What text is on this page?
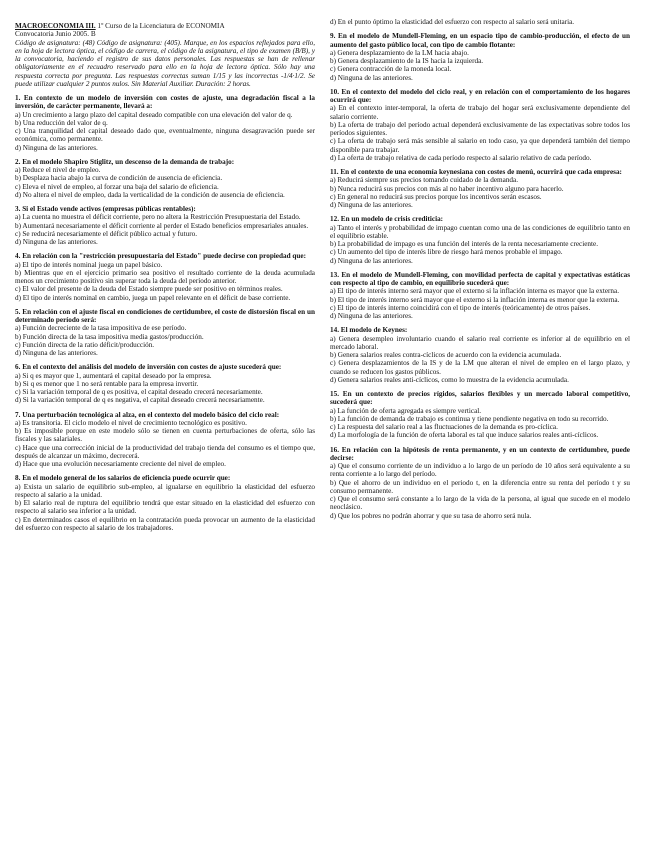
MACROECONOMIA III. 1º Curso de la Licenciatura de ECONOMIA
Convocatoria Junio 2005. B
Código de asignatura: (48) Código de asignatura: (405). Marque, en los espacios reflejados para ello, en la hoja de lectora óptica, el código de carrera, el código de la asignatura, el tipo de examen (B/B), y la convocatoria, haciendo el registro de sus datos personales. Las respuestas se han de rellenar obligatoriamente en el recuadro reservado para ello en la hoja de lectora óptica. Sólo hay una respuesta correcta por pregunta. Las respuestas correctas suman 1/15 y las incorrectas -1/4·1/2. Se puede utilizar cualquier 2 puntos nulos. Sin Material Auxiliar. Duración: 2 horas.
1. En contexto de un modelo de inversión con costes de ajuste, una degradación fiscal a la inversión, de carácter permanente, llevará a:
a) Un crecimiento a largo plazo del capital deseado compatible con una elevación del valor de q.
b) Una reducción del valor de q.
c) Una tranquilidad del capital deseado dado que, eventualmente, ninguna desagravación puede ser económica, como permanente.
d) Ninguna de las anteriores.
2. En el modelo Shapiro Stiglitz, un descenso de la demanda de trabajo:
a) Reduce el nivel de empleo.
b) Desplaza hacia abajo la curva de condición de ausencia de eficiencia.
c) Eleva el nivel de empleo, al forzar una baja del salario de eficiencia.
d) No altera el nivel de empleo, dada la verticalidad de la condición de ausencia de eficiencia.
3. Si el Estado vende activos (empresas públicas rentables):
a) La cuenta no muestra el déficit corriente, pero no altera la Restricción Presupuestaria del Estado.
b) Aumentará necesariamente el déficit corriente al perder el Estado beneficios empresariales anuales.
c) Se reducirá necesariamente el déficit público actual y futuro.
d) Ninguna de las anteriores.
4. En relación con la "restricción presupuestaria del Estado" puede decirse con propiedad que:
a) El tipo de interés nominal juega un papel básico.
b) Mientras que en el ejercicio primario sea positivo el resultado corriente de la deuda acumulada menos un crecimiento positivo sin superar toda la deuda del período anterior.
c) El valor del presente de la deuda del Estado siempre puede ser positivo en términos reales.
d) El tipo de interés nominal en cambio, juega un papel relevante en el déficit de base corriente.
5. En relación con el ajuste fiscal en condiciones de certidumbre, el coste de distorsión fiscal en un determinado período será:
a) Función decreciente de la tasa impositiva de ese período.
b) Función directa de la tasa impositiva media gastos/producción.
c) Función directa de la ratio déficit/producción.
d) Ninguna de las anteriores.
6. En el contexto del análisis del modelo de inversión con costes de ajuste sucederá que:
a) Si q es mayor que 1, aumentará el capital deseado por la empresa.
b) Si q es menor que 1 no será rentable para la empresa invertir.
c) Si la variación temporal de q es positiva, el capital deseado crecerá necesariamente.
d) Si la variación temporal de q es negativa, el capital deseado crecerá necesariamente.
7. Una perturbación tecnológica al alza, en el contexto del modelo básico del ciclo real:
a) Es transitoria. El ciclo modelo el nivel de crecimiento tecnológico es positivo.
b) Es imposible porque en este modelo sólo se tienen en cuenta perturbaciones de oferta, sólo las fiscales y las salariales.
c) Hace que una corrección inicial de la productividad del trabajo tienda del consumo es el tiempo que, después de alcanzar un máximo, decrecerá.
d) Hace que una evolución necesariamente creciente del nivel de empleo.
8. En el modelo general de los salarios de eficiencia puede ocurrir que:
a) Exista un salario de equilibrio sub-empleo, al igualarse en equilibrio la elasticidad del esfuerzo respecto al salario a la unidad.
b) El salario real de ruptura del equilibrio tendrá que estar situado en la elasticidad del esfuerzo con respecto al salario sea inferior a la unidad.
c) En determinados casos el equilibrio en la contratación pueda provocar un aumento de la elasticidad del esfuerzo con respecto al salario de los trabajadores.
d) En el punto óptimo la elasticidad del esfuerzo con respecto al salario será unitaria.
9. En el modelo de Mundell-Fleming, en un espacio tipo de cambio-producción, el efecto de un aumento del gasto público local, con tipo de cambio flotante:
a) Genera desplazamiento de la LM hacia abajo.
b) Genera desplazamiento de la IS hacia la izquierda.
c) Genera contracción de la moneda local.
d) Ninguna de las anteriores.
10. En el contexto del modelo del ciclo real, y en relación con el comportamiento de los hogares ocurrirá que:
a) En el contexto inter-temporal, la oferta de trabajo del hogar será exclusivamente dependiente del salario corriente.
b) La oferta de trabajo del período actual dependerá exclusivamente de las expectativas sobre todos los períodos siguientes.
c) La oferta de trabajo será más sensible al salario en todo caso, ya que dependerá también del tiempo disponible para trabajar.
d) La oferta de trabajo relativa de cada período respecto al salario relativo de cada período.
11. En el contexto de una economía keynesiana con costes de menú, ocurrirá que cada empresa:
a) Reducirá siempre sus precios tomando cuidado de la demanda.
b) Nunca reducirá sus precios con más al no haber incentivo alguno para hacerlo.
c) En general no reducirá sus precios porque los incentivos serán escasos.
d) Ninguna de las anteriores.
12. En un modelo de crisis crediticia:
a) Tanto el interés y probabilidad de impago cuentan como una de las condiciones de equilibrio tanto en el equilibrio estable.
b) La probabilidad de impago es una función del interés de la renta necesariamente creciente.
c) Un aumento del tipo de interés libre de riesgo hará menos probable el impago.
d) Ninguna de las anteriores.
13. En el modelo de Mundell-Fleming, con movilidad perfecta de capital y expectativas estáticas con respecto al tipo de cambio, en equilibrio sucederá que:
a) El tipo de interés interno será mayor que el externo si la inflación interna es mayor que la externa.
b) El tipo de interés interno será mayor que el externo si la inflación interna es menor que la externa.
c) El tipo de interés interno coincidirá con el tipo de interés (teóricamente) de otros países.
d) Ninguna de las anteriores.
14. El modelo de Keynes:
a) Genera desempleo involuntario cuando el salario real corriente es inferior al de equilibrio en el mercado laboral.
b) Genera salarios reales contra-cíclicos de acuerdo con la evidencia acumulada.
c) Genera desplazamientos de la IS y de la LM que alteran el nivel de empleo en el largo plazo, y cuando se reducen los gastos públicos.
d) Genera salarios reales anti-cíclicos, como lo muestra de la evidencia acumulada.
15. En un contexto de precios rígidos, salarios flexibles y un mercado laboral competitivo, sucederá que:
a) La función de oferta agregada es siempre vertical.
b) La función de demanda de trabajo es continua y tiene pendiente negativa en todo su recorrido.
c) La respuesta del salario real a las fluctuaciones de la demanda es pro-cíclica.
d) La morfología de la función de oferta laboral es tal que induce salarios reales anti-cíclicos.
16. En relación con la hipótesis de renta permanente, y en un contexto de certidumbre, puede decirse:
a) Que el consumo corriente de un individuo a lo largo de un período de 10 años será equivalente a su renta corriente a lo largo del período.
b) Que el ahorro de un individuo en el periodo t, en la diferencia entre su renta del período t y su consumo permanente.
c) Que el consumo será constante a lo largo de la vida de la persona, al igual que sucede en el modelo neoclásico.
d) Que los pobres no podrán ahorrar y que su tasa de ahorro será nula.
